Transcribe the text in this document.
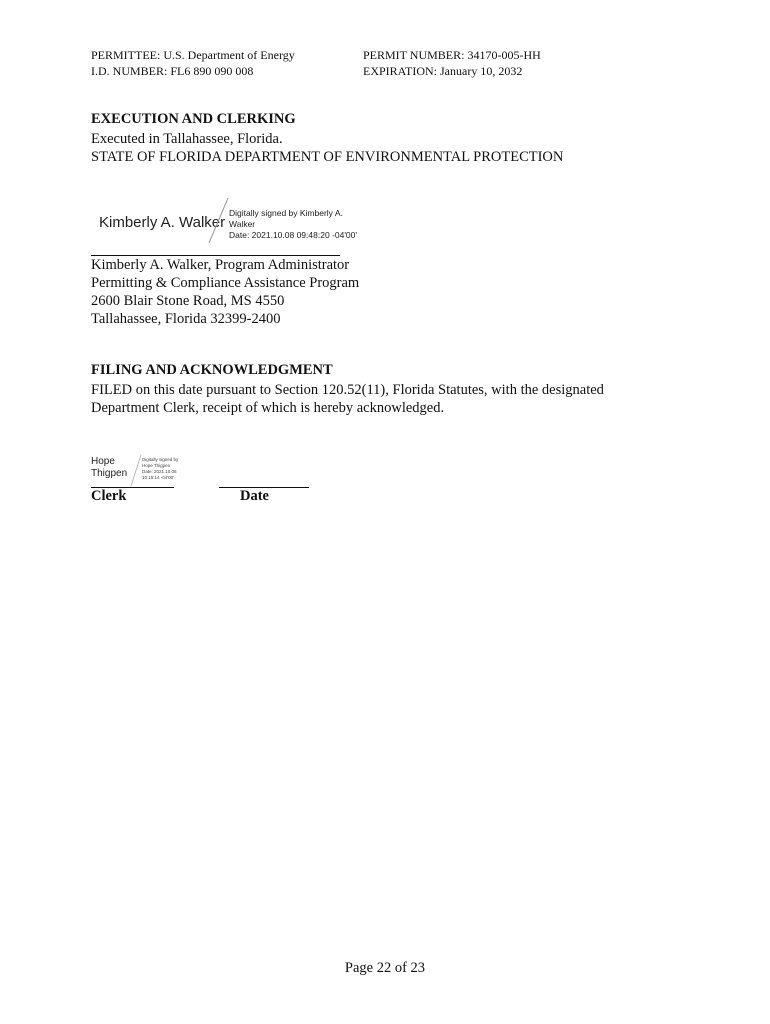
PERMITTEE: U.S. Department of Energy
I.D. NUMBER: FL6 890 090 008
PERMIT NUMBER: 34170-005-HH
EXPIRATION: January 10, 2032
EXECUTION AND CLERKING
Executed in Tallahassee, Florida.
STATE OF FLORIDA DEPARTMENT OF ENVIRONMENTAL PROTECTION
Kimberly A. Walker
Digitally signed by Kimberly A.
Walker
Date: 2021.10.08 09:48:20 -04'00'
Kimberly A. Walker, Program Administrator
Permitting & Compliance Assistance Program
2600 Blair Stone Road, MS 4550
Tallahassee, Florida 32399-2400
FILING AND ACKNOWLEDGMENT
FILED on this date pursuant to Section 120.52(11), Florida Statutes, with the designated
Department Clerk, receipt of which is hereby acknowledged.
Hope
Thigpen
Digitally signed by
Hope Thigpen
Date: 2021.10.08
10:15:14 -04'00'
Clerk	Date
Page 22 of 23
